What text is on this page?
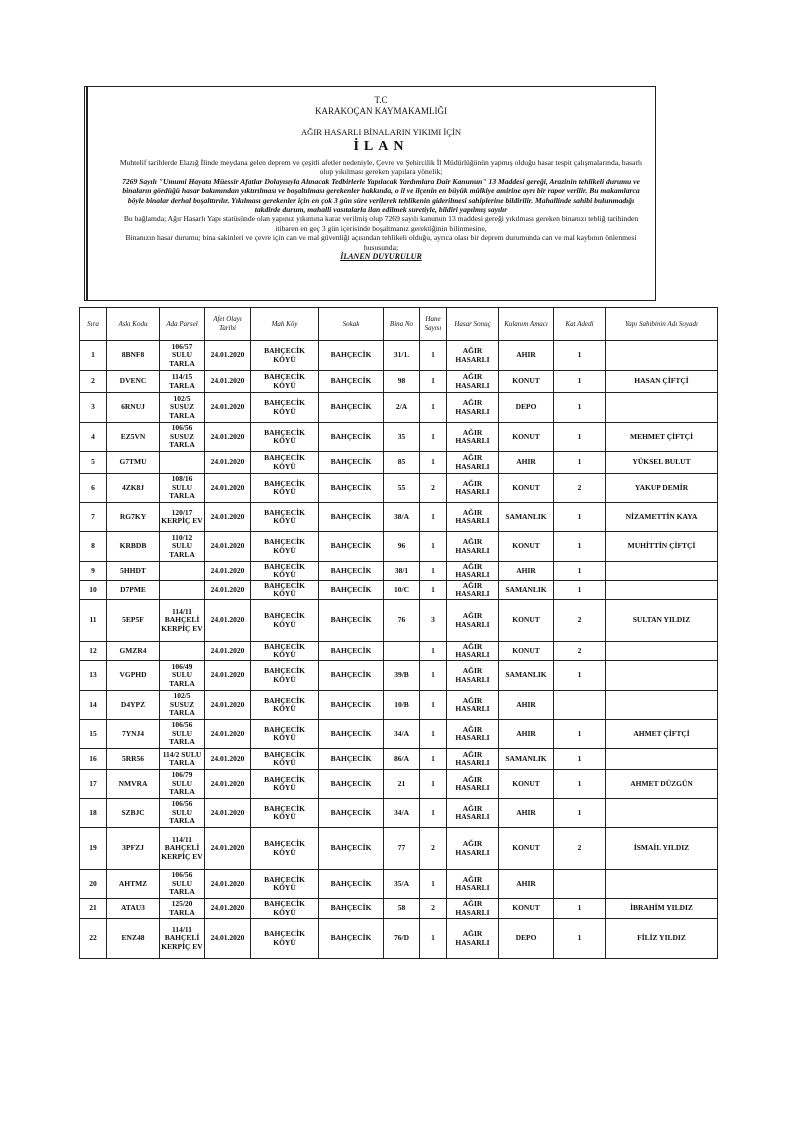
T.C
KARAKOÇAN KAYMAKAMLIĞI
AĞIR HASARLI BİNALARIN YIKIMI İÇİN
İLAN
Muhtelif tarihlerde Elazığ İlinde meydana gelen deprem ve çeşitli afetler nedeniyle, Çevre ve Şehircilik İl Müdürlüğünün yapmış olduğu hasar tespit çalışmalarında, hasarlı olup yıkılması gereken yapılara yönelik;
7269 Sayılı "Umumi Hayata Müessir Afatlar Dolayısıyla Alınacak Tedbirlerle Yapılacak Yardımlara Dair Kanunun" 13 Maddesi gereği, Arazinin tehlikeli durumu ve binaların gördüğü hasar bakımından yıktırılması ve boşaltılması gerekenler hakkında, o il ve ilçenin en büyük mülkiye amirine ayrı bir rapor verilir. Bu makamlarca böyle binalar derhal boşalttırılır. Yıkılması gerekenler için en çok 3 gün süre verilerek tehlikenin giderilmesi sahiplerine bildirilir. Mahallinde sahibi bulunmadığı takdirde durum, mahalli vasıtalarla ilan edilmek suretiyle, bildiri yapılmış sayılır
Bu bağlamda; Ağır Hasarlı Yapı statüsünde olan yapınız yıkımına karar verilmiş olup 7269 sayılı kanunun 13 maddesi gereği yıkılması gereken binanızı tebliğ tarihinden itibaren en geç 3 gün içerisinde boşaltmanız gerektiğinin bilinmesine,
Binanızın hasar durumu; bina sakinleri ve çevre için can ve mal güvenliği açısından tehlikeli olduğu, ayrıca olası bir deprem durumunda can ve mal kaybının önlenmesi hususunda;
İLANEN DUYURULUR
Sıra	Askı Kodu	Ada Parsel	Afet Olayı Tarihi	Mah Köy	Sokak	Bina No	Hane Sayısı	Hasar Sonuç	Kulanım Amacı	Kat Adedi	Yapı Sahibinin Adı Soyadı
1	8BNF8	106/57 SULU TARLA	24.01.2020	BAHÇECİK KÖYÜ	BAHÇECİK	31/1.	1	AĞIR HASARLI	AHIR	1	
2	DVENC	114/15 TARLA	24.01.2020	BAHÇECİK KÖYÜ	BAHÇECİK	98	1	AĞIR HASARLI	KONUT	1	HASAN ÇİFTÇİ
3	6RNUJ	102/5 SUSUZ TARLA	24.01.2020	BAHÇECİK KÖYÜ	BAHÇECİK	2/A	1	AĞIR HASARLI	DEPO	1	
4	EZ5VN	106/56 SUSUZ TARLA	24.01.2020	BAHÇECİK KÖYÜ	BAHÇECİK	35	1	AĞIR HASARLI	KONUT	1	MEHMET ÇİFTÇİ
5	G7TMU		24.01.2020	BAHÇECİK KÖYÜ	BAHÇECİK	85	1	AĞIR HASARLI	AHIR	1	YÜKSEL BULUT
6	4ZK8J	108/16 SULU TARLA	24.01.2020	BAHÇECİK KÖYÜ	BAHÇECİK	55	2	AĞIR HASARLI	KONUT	2	YAKUP DEMİR
7	RG7KY	120/17 KERPİÇ EV	24.01.2020	BAHÇECİK KÖYÜ	BAHÇECİK	38/A	1	AĞIR HASARLI	SAMANLIK	1	NİZAMETTİN KAYA
8	KRBDB	110/12 SULU TARLA	24.01.2020	BAHÇECİK KÖYÜ	BAHÇECİK	96	1	AĞIR HASARLI	KONUT	1	MUHİTTİN ÇİFTÇİ
9	5HHDT		24.01.2020	BAHÇECİK KÖYÜ	BAHÇECİK	38/1	1	AĞIR HASARLI	AHIR	1	
10	D7PME		24.01.2020	BAHÇECİK KÖYÜ	BAHÇECİK	10/C	1	AĞIR HASARLI	SAMANLIK	1	
11	5EP5F	114/11 BAHÇELİ KERPİÇ EV	24.01.2020	BAHÇECİK KÖYÜ	BAHÇECİK	76	3	AĞIR HASARLI	KONUT	2	SULTAN YILDIZ
12	GMZR4		24.01.2020	BAHÇECİK KÖYÜ	BAHÇECİK		1	AĞIR HASARLI	KONUT	2	
13	VGPHD	106/49 SULU TARLA	24.01.2020	BAHÇECİK KÖYÜ	BAHÇECİK	39/B	1	AĞIR HASARLI	SAMANLIK	1	
14	D4YPZ	102/5 SUSUZ TARLA	24.01.2020	BAHÇECİK KÖYÜ	BAHÇECİK	10/B	1	AĞIR HASARLI	AHIR		
15	7YNJ4	106/56 SULU TARLA	24.01.2020	BAHÇECİK KÖYÜ	BAHÇECİK	34/A	1	AĞIR HASARLI	AHIR	1	AHMET ÇİFTÇİ
16	5RR56	114/2 SULU TARLA	24.01.2020	BAHÇECİK KÖYÜ	BAHÇECİK	86/A	1	AĞIR HASARLI	SAMANLIK	1	
17	NMVRA	106/79 SULU TARLA	24.01.2020	BAHÇECİK KÖYÜ	BAHÇECİK	21	1	AĞIR HASARLI	KONUT	1	AHMET DÜZGÜN
18	SZBJC	106/56 SULU TARLA	24.01.2020	BAHÇECİK KÖYÜ	BAHÇECİK	34/A	1	AĞIR HASARLI	AHIR	1	
19	3PFZJ	114/11 BAHÇELİ KERPİÇ EV	24.01.2020	BAHÇECİK KÖYÜ	BAHÇECİK	77	2	AĞIR HASARLI	KONUT	2	İSMAİL YILDIZ
20	AHTMZ	106/56 SULU TARLA	24.01.2020	BAHÇECİK KÖYÜ	BAHÇECİK	35/A	1	AĞIR HASARLI	AHIR		
21	ATAU3	125/20 TARLA	24.01.2020	BAHÇECİK KÖYÜ	BAHÇECİK	58	2	AĞIR HASARLI	KONUT	1	İBRAHİM YILDIZ
22	ENZ48	114/11 BAHÇELİ KERPİÇ EV	24.01.2020	BAHÇECİK KÖYÜ	BAHÇECİK	76/D	1	AĞIR HASARLI	DEPO	1	FİLİZ YILDIZ
